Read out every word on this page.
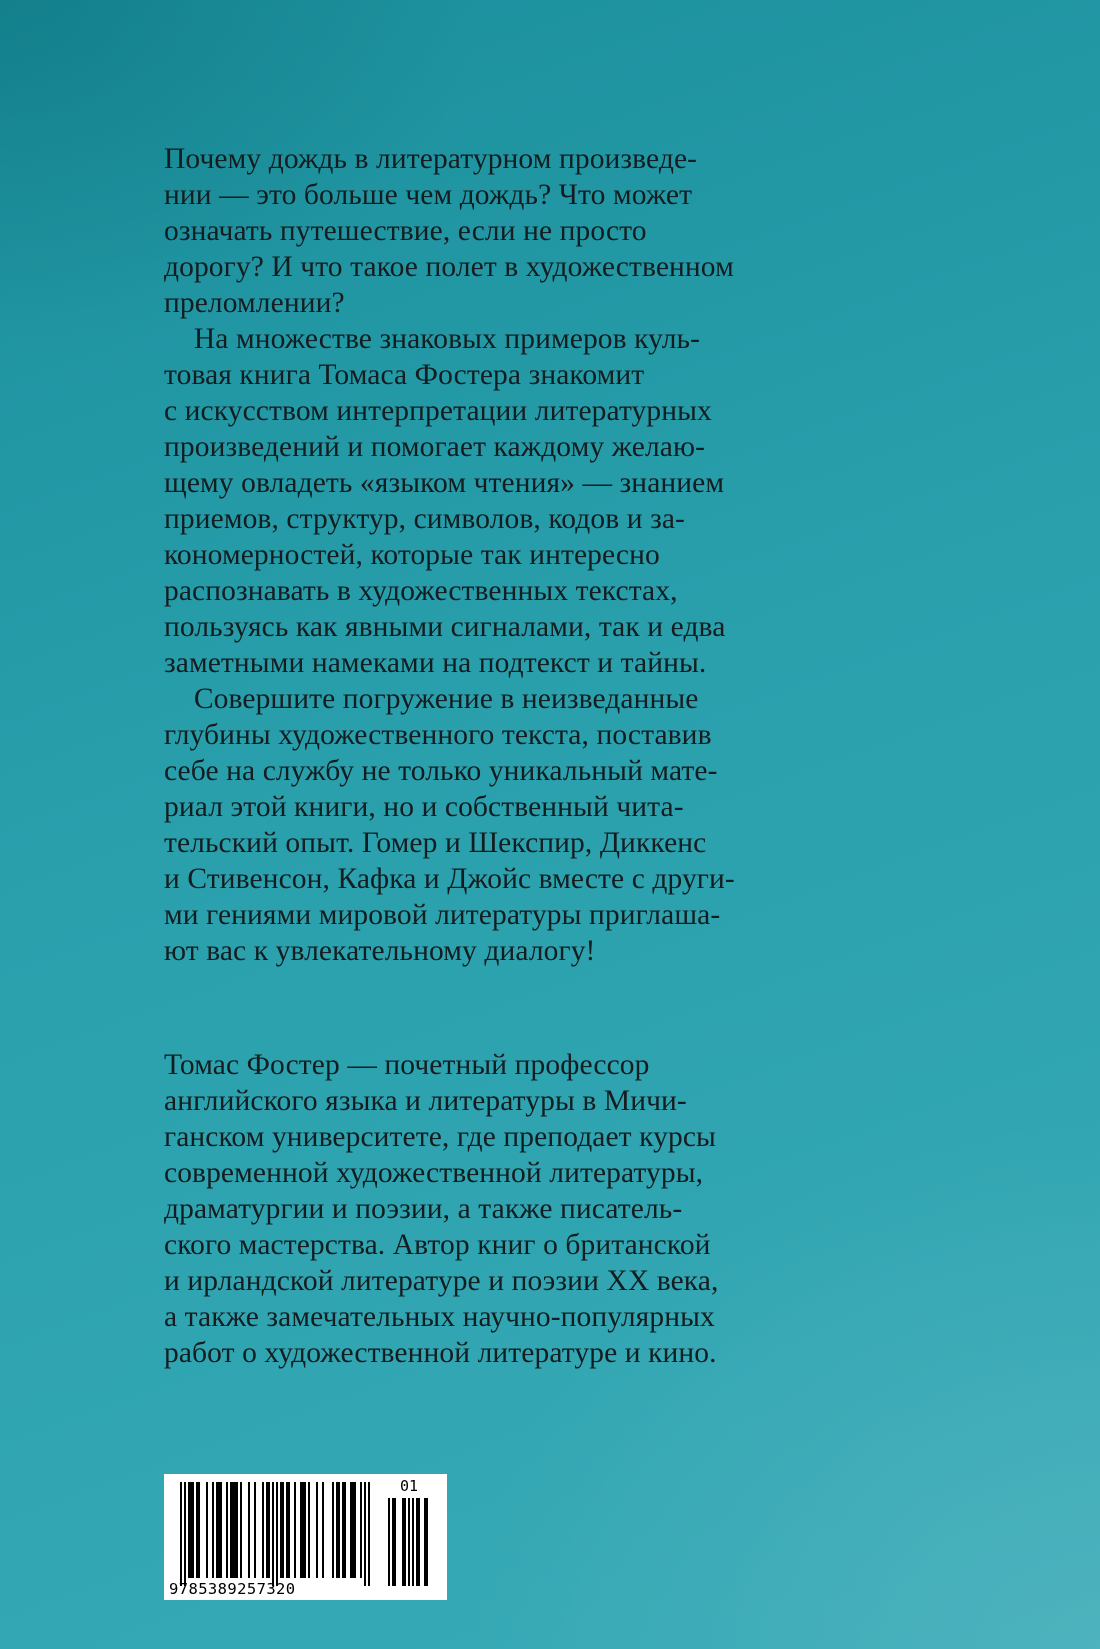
Почему дождь в литературном произведе-
нии — это больше чем дождь? Что может
означать путешествие, если не просто
дорогу? И что такое полет в художественном
преломлении?
На множестве знаковых примеров куль-
товая книга Томаса Фостера знакомит
с искусством интерпретации литературных
произведений и помогает каждому желаю-
щему овладеть «языком чтения» — знанием
приемов, структур, символов, кодов и за-
кономерностей, которые так интересно
распознавать в художественных текстах,
пользуясь как явными сигналами, так и едва
заметными намеками на подтекст и тайны.
Совершите погружение в неизведанные
глубины художественного текста, поставив
себе на службу не только уникальный мате-
риал этой книги, но и собственный чита-
тельский опыт. Гомер и Шекспир, Диккенс
и Стивенсон, Кафка и Джойс вместе с други-
ми гениями мировой литературы приглаша-
ют вас к увлекательному диалогу!
Томас Фостер — почетный профессор
английского языка и литературы в Мичи-
ганском университете, где преподает курсы
современной художественной литературы,
драматургии и поэзии, а также писатель-
ского мастерства. Автор книг о британской
и ирландской литературе и поэзии XX века,
а также замечательных научно-популярных
работ о художественной литературе и кино.
01
9785389257320
